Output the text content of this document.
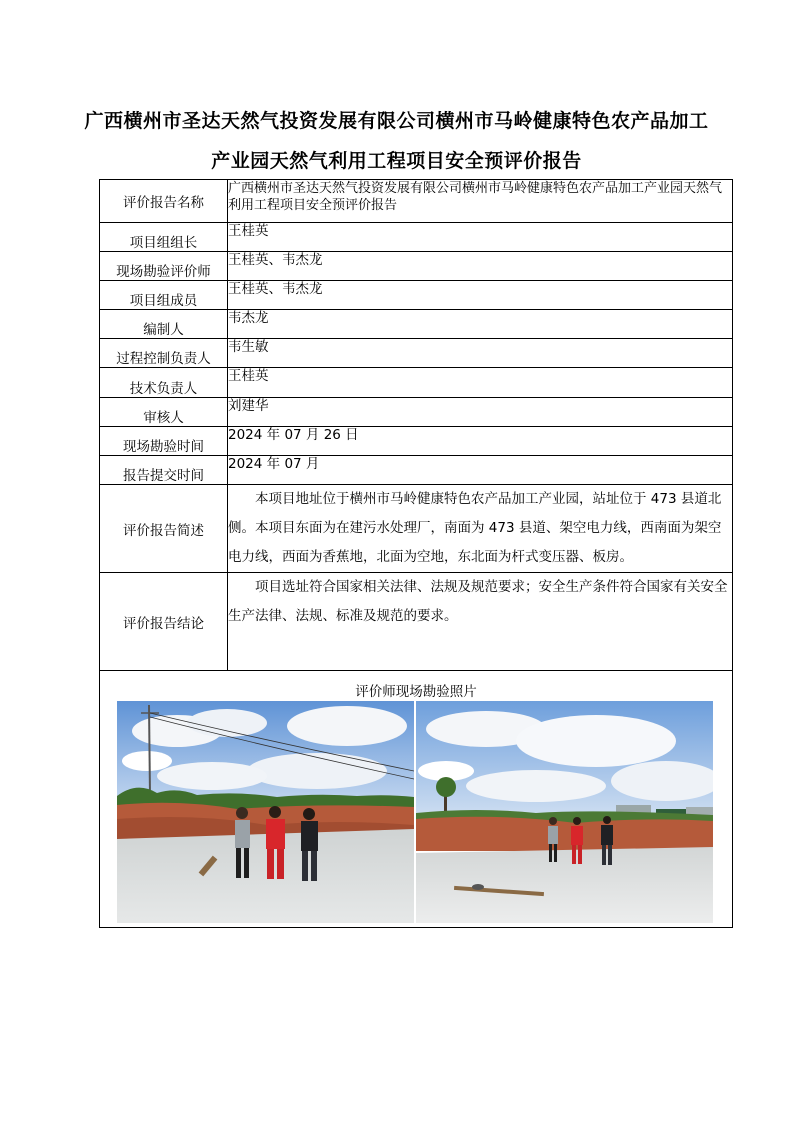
广西横州市圣达天然气投资发展有限公司横州市马岭健康特色农产品加工
产业园天然气利用工程项目安全预评价报告
评价报告名称	广西横州市圣达天然气投资发展有限公司横州市马岭健康特色农产品加工产业园天然气利用工程项目安全预评价报告
项目组组长	王桂英
现场勘验评价师	王桂英、韦杰龙
项目组成员	王桂英、韦杰龙
编制人	韦杰龙
过程控制负责人	韦生敏
技术负责人	王桂英
审核人	刘建华
现场勘验时间	2024 年 07 月 26 日
报告提交时间	2024 年 07 月
评价报告简述	本项目地址位于横州市马岭健康特色农产品加工产业园，站址位于 473 县道北侧。本项目东面为在建污水处理厂，南面为 473 县道、架空电力线，西南面为架空电力线，西面为香蕉地，北面为空地，东北面为杆式变压器、板房。
评价报告结论	项目选址符合国家相关法律、法规及规范要求；安全生产条件符合国家有关安全生产法律、法规、标准及规范的要求。

评价师现场勘验照片	
